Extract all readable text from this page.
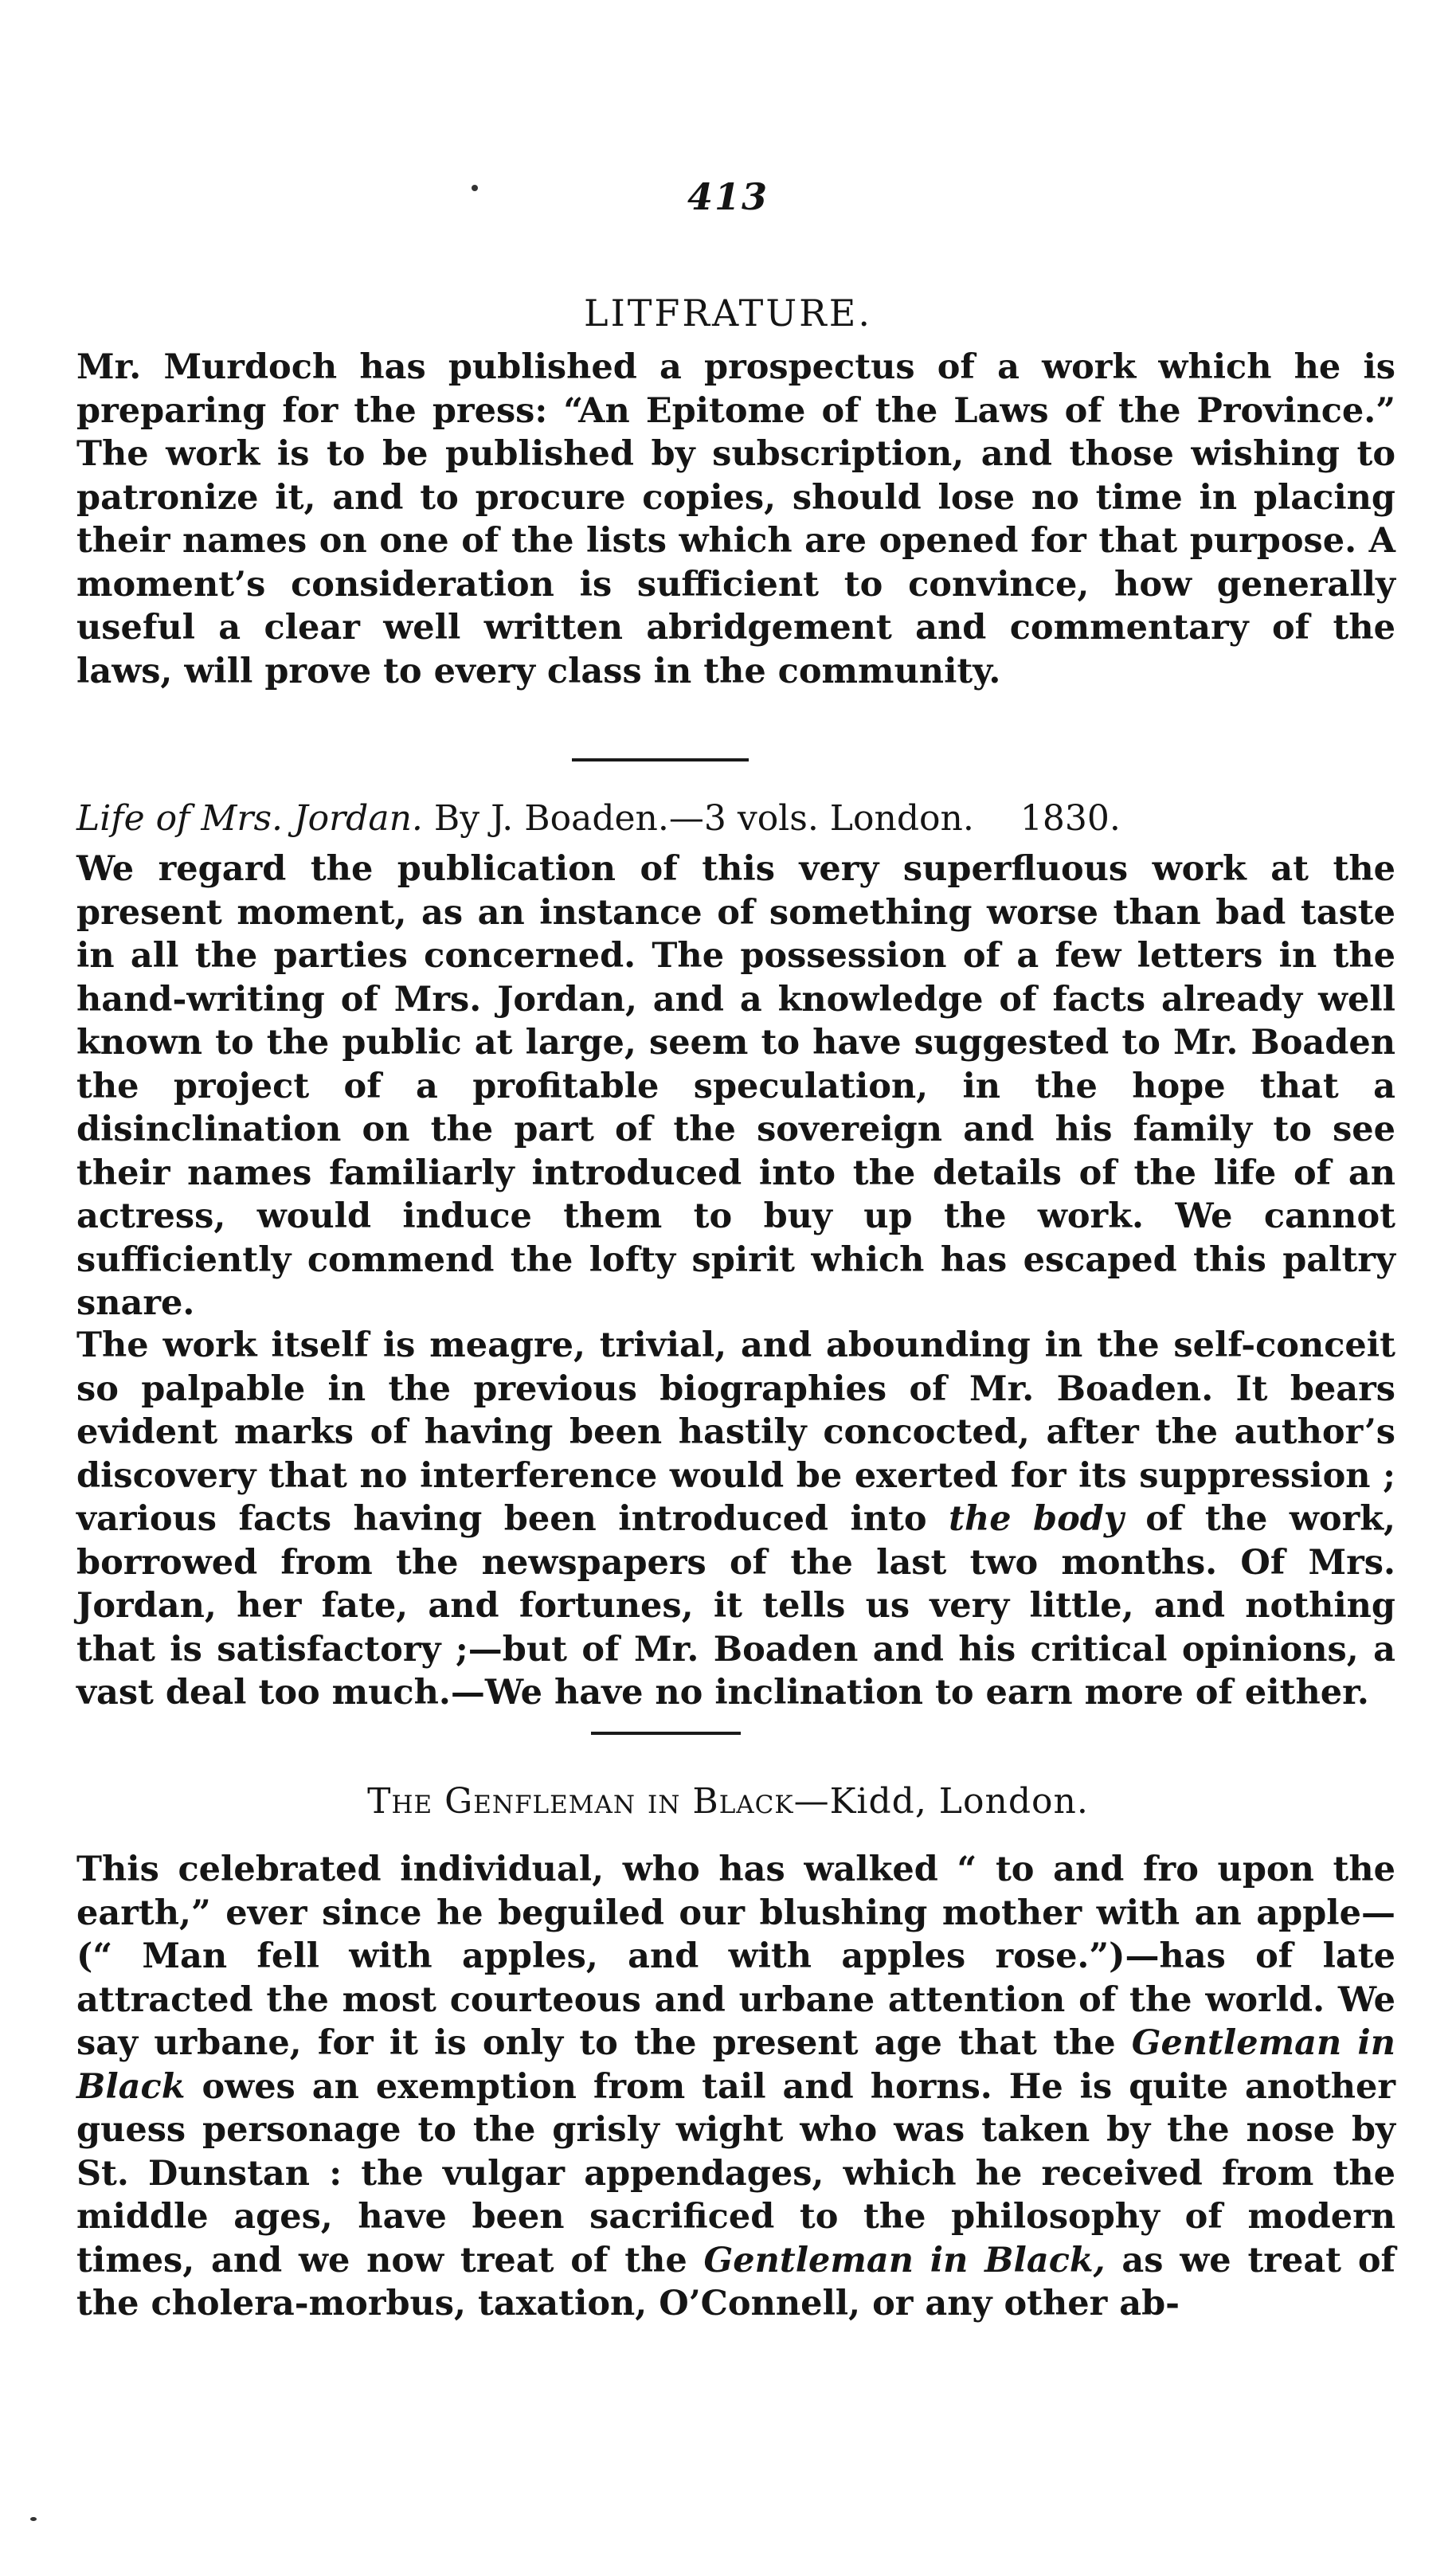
413
LITFRATURE.

Mr. Murdoch has published a prospectus of a work which he is preparing for the press: “An Epitome of the Laws of the Province.” The work is to be published by subscription, and those wishing to patronize it, and to procure copies, should lose no time in placing their names on one of the lists which are opened for that purpose. A moment’s consideration is sufficient to convince, how generally useful a clear well written abridgement and commentary of the laws, will prove to every class in the community.

Life of Mrs. Jordan. By J. Boaden.—3 vols. London. 1830.

We regard the publication of this very superfluous work at the present moment, as an instance of something worse than bad taste in all the parties concerned. The possession of a few letters in the hand-writing of Mrs. Jordan, and a knowledge of facts already well known to the public at large, seem to have suggested to Mr. Boaden the project of a profitable speculation, in the hope that a disinclination on the part of the sovereign and his family to see their names familiarly introduced into the details of the life of an actress, would induce them to buy up the work. We cannot sufficiently commend the lofty spirit which has escaped this paltry snare.

The work itself is meagre, trivial, and abounding in the self-conceit so palpable in the previous biographies of Mr. Boaden. It bears evident marks of having been hastily concocted, after the author’s discovery that no interference would be exerted for its suppression ; various facts having been introduced into the body of the work, borrowed from the newspapers of the last two months. Of Mrs. Jordan, her fate, and fortunes, it tells us very little, and nothing that is satisfactory ;—but of Mr. Boaden and his critical opinions, a vast deal too much.—We have no inclination to earn more of either.

The Genfleman in Black—Kidd, London.

This celebrated individual, who has walked “ to and fro upon the earth,” ever since he beguiled our blushing mother with an apple—(“ Man fell with apples, and with apples rose.”)—has of late attracted the most courteous and urbane attention of the world. We say urbane, for it is only to the present age that the Gentleman in Black owes an exemption from tail and horns. He is quite another guess personage to the grisly wight who was taken by the nose by St. Dunstan : the vulgar appendages, which he received from the middle ages, have been sacrificed to the philosophy of modern times, and we now treat of the Gentleman in Black, as we treat of the cholera-morbus, taxation, O’Connell, or any other ab-
